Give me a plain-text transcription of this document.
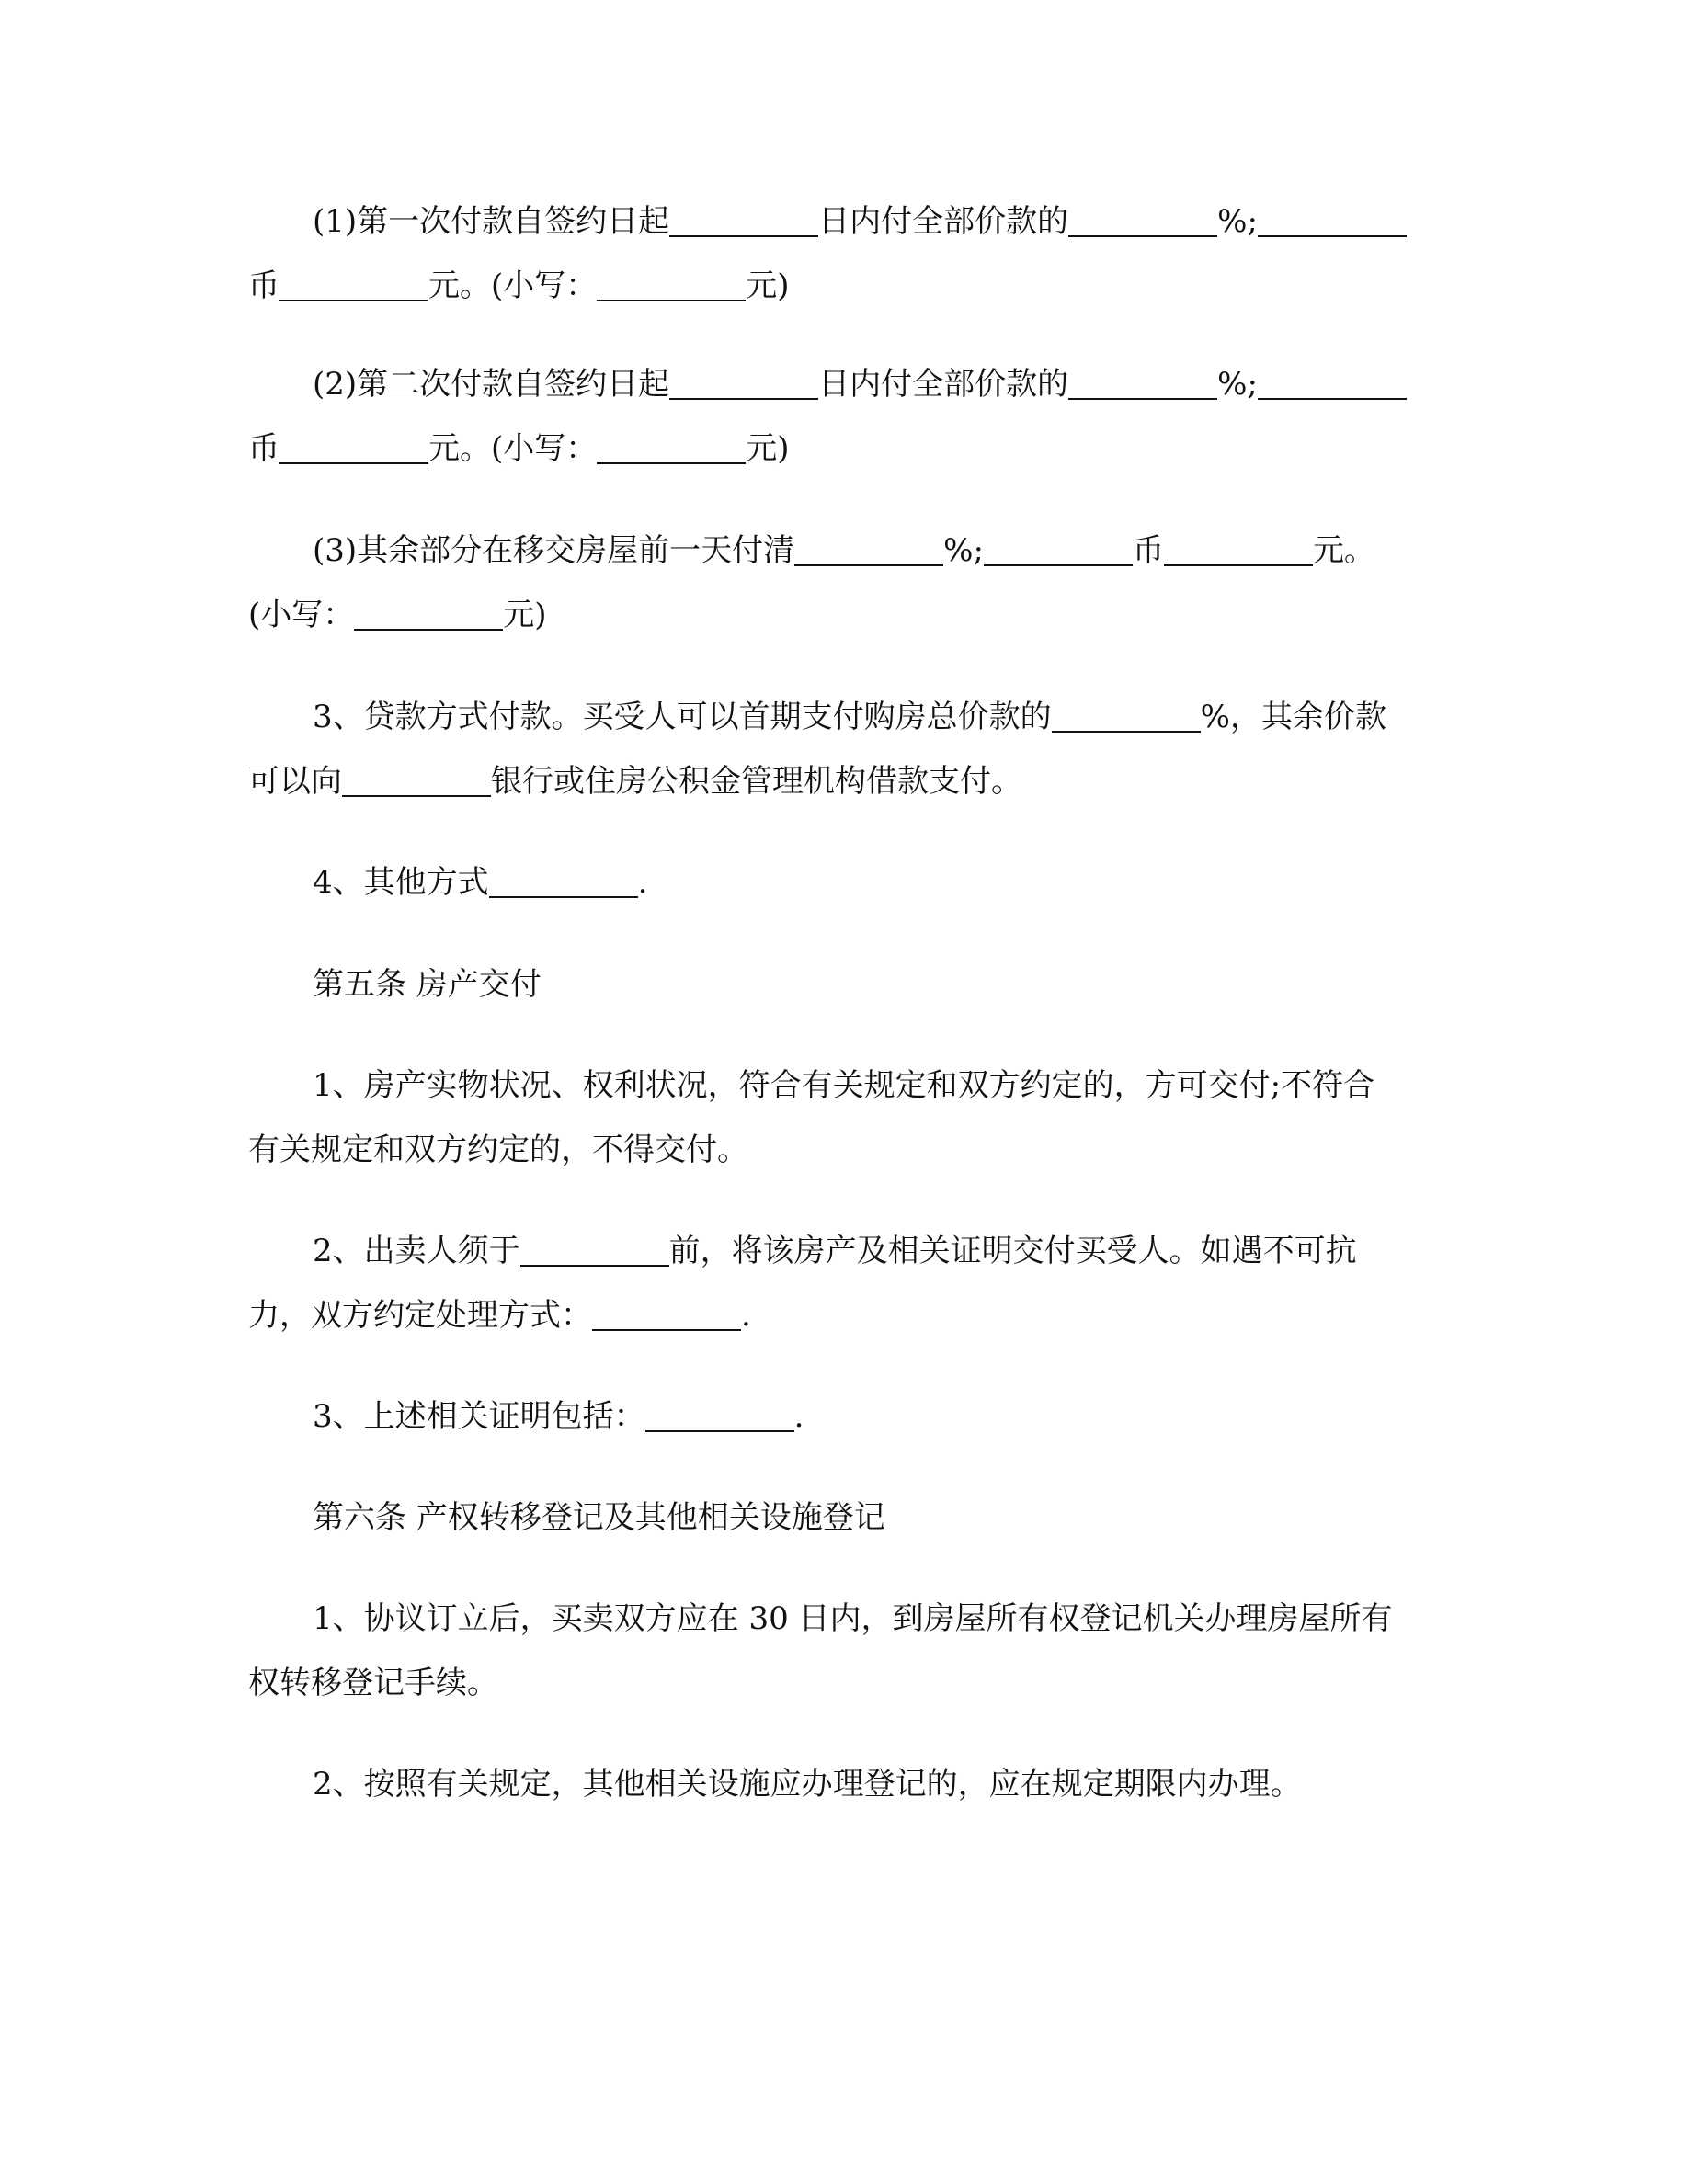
(1)第一次付款自签约日起	日内付全部价款的	%;
币	元。(小写：	元)

(2)第二次付款自签约日起	日内付全部价款的	%;
币	元。(小写：	元)

(3)其余部分在移交房屋前一天付清	%;	币	元。
(小写：	元)

3、贷款方式付款。买受人可以首期支付购房总价款的	%，其余价款
可以向	银行或住房公积金管理机构借款支付。

4、其他方式	.

第五条 房产交付

1、房产实物状况、权利状况，符合有关规定和双方约定的，方可交付;不符合
有关规定和双方约定的，不得交付。

2、出卖人须于	前，将该房产及相关证明交付买受人。如遇不可抗
力，双方约定处理方式：	.

3、上述相关证明包括：	.

第六条 产权转移登记及其他相关设施登记

1、协议订立后，买卖双方应在 30 日内，到房屋所有权登记机关办理房屋所有
权转移登记手续。

2、按照有关规定，其他相关设施应办理登记的，应在规定期限内办理。
